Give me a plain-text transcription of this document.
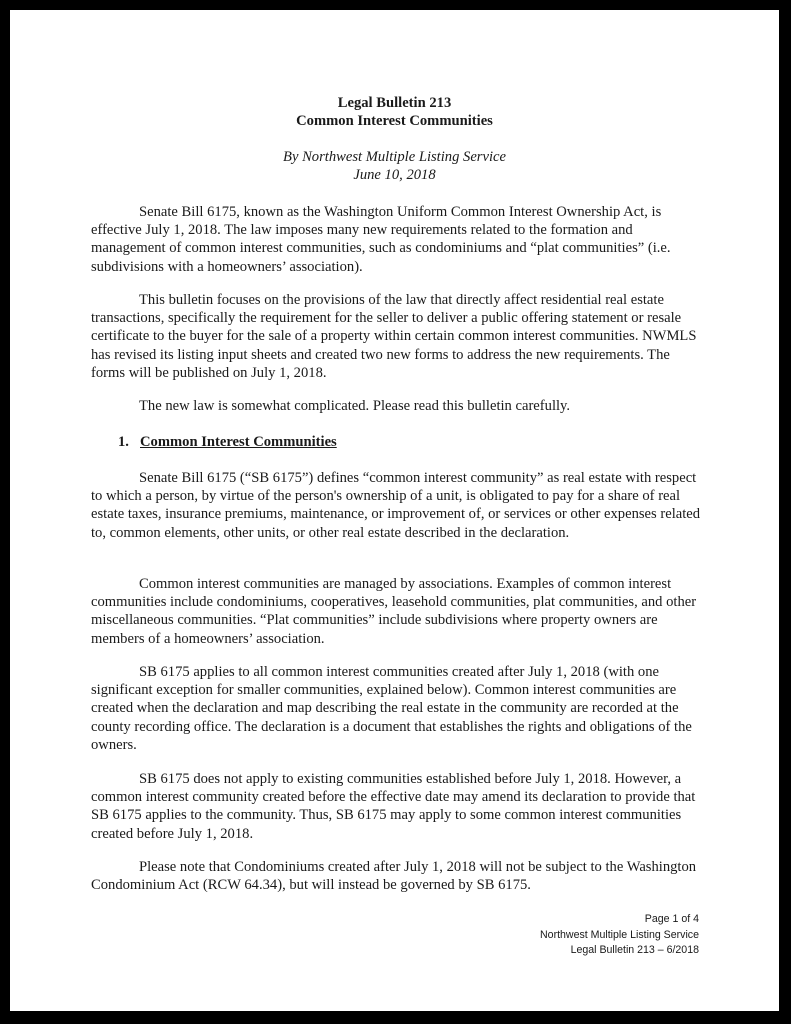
Legal Bulletin 213
Common Interest Communities
By Northwest Multiple Listing Service
June 10, 2018
Senate Bill 6175, known as the Washington Uniform Common Interest Ownership Act, is effective July 1, 2018. The law imposes many new requirements related to the formation and management of common interest communities, such as condominiums and “plat communities” (i.e. subdivisions with a homeowners’ association).
This bulletin focuses on the provisions of the law that directly affect residential real estate transactions, specifically the requirement for the seller to deliver a public offering statement or resale certificate to the buyer for the sale of a property within certain common interest communities. NWMLS has revised its listing input sheets and created two new forms to address the new requirements. The forms will be published on July 1, 2018.
The new law is somewhat complicated. Please read this bulletin carefully.
1. Common Interest Communities
Senate Bill 6175 (“SB 6175”) defines “common interest community” as real estate with respect to which a person, by virtue of the person's ownership of a unit, is obligated to pay for a share of real estate taxes, insurance premiums, maintenance, or improvement of, or services or other expenses related to, common elements, other units, or other real estate described in the declaration.
Common interest communities are managed by associations. Examples of common interest communities include condominiums, cooperatives, leasehold communities, plat communities, and other miscellaneous communities. “Plat communities” include subdivisions where property owners are members of a homeowners’ association.
SB 6175 applies to all common interest communities created after July 1, 2018 (with one significant exception for smaller communities, explained below). Common interest communities are created when the declaration and map describing the real estate in the community are recorded at the county recording office. The declaration is a document that establishes the rights and obligations of the owners.
SB 6175 does not apply to existing communities established before July 1, 2018. However, a common interest community created before the effective date may amend its declaration to provide that SB 6175 applies to the community. Thus, SB 6175 may apply to some common interest communities created before July 1, 2018.
Please note that Condominiums created after July 1, 2018 will not be subject to the Washington Condominium Act (RCW 64.34), but will instead be governed by SB 6175.
Page 1 of 4
Northwest Multiple Listing Service
Legal Bulletin 213 – 6/2018
